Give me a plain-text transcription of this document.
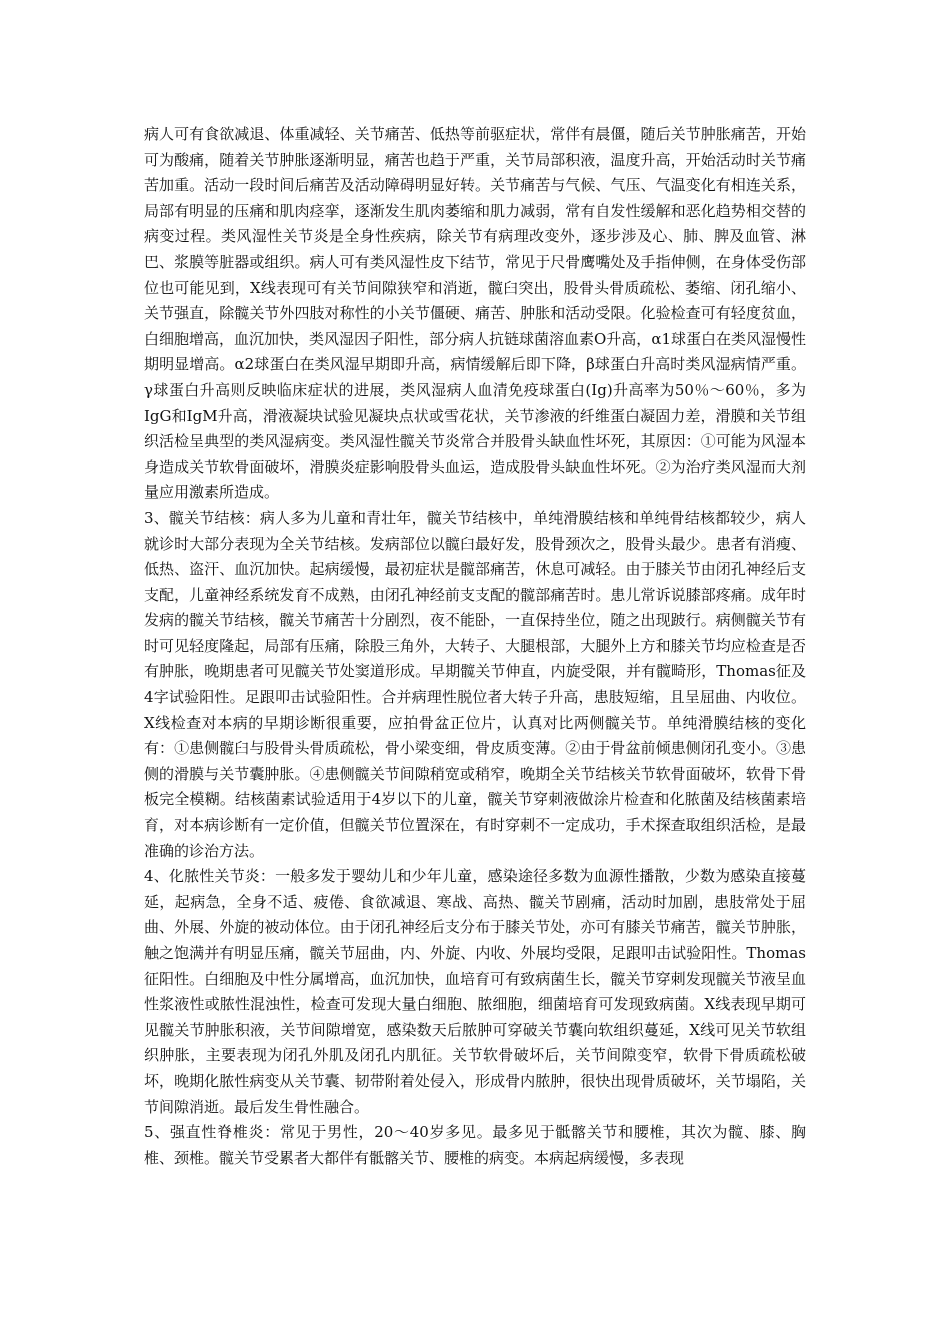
病人可有食欲减退、体重减轻、关节痛苦、低热等前驱症状，常伴有晨僵，随后关节肿胀痛苦，开始可为酸痛，随着关节肿胀逐渐明显，痛苦也趋于严重，关节局部积液，温度升高，开始活动时关节痛苦加重。活动一段时间后痛苦及活动障碍明显好转。关节痛苦与气候、气压、气温变化有相连关系，局部有明显的压痛和肌肉痉挛，逐渐发生肌肉萎缩和肌力减弱，常有自发性缓解和恶化趋势相交替的病变过程。类风湿性关节炎是全身性疾病，除关节有病理改变外，逐步涉及心、肺、脾及血管、淋巴、浆膜等脏器或组织。病人可有类风湿性皮下结节，常见于尺骨鹰嘴处及手指伸侧，在身体受伤部位也可能见到，X线表现可有关节间隙狭窄和消逝，髋臼突出，股骨头骨质疏松、萎缩、闭孔缩小、关节强直，除髋关节外四肢对称性的小关节僵硬、痛苦、肿胀和活动受限。化验检查可有轻度贫血，白细胞增高，血沉加快，类风湿因子阳性，部分病人抗链球菌溶血素O升高，α1球蛋白在类风湿慢性期明显增高。α2球蛋白在类风湿早期即升高，病情缓解后即下降，β球蛋白升高时类风湿病情严重。γ球蛋白升高则反映临床症状的进展，类风湿病人血清免疫球蛋白(Ig)升高率为50％～60％，多为IgG和IgM升高，滑液凝块试验见凝块点状或雪花状，关节渗液的纤维蛋白凝固力差，滑膜和关节组织活检呈典型的类风湿病变。类风湿性髋关节炎常合并股骨头缺血性坏死，其原因：①可能为风湿本身造成关节软骨面破坏，滑膜炎症影响股骨头血运，造成股骨头缺血性坏死。②为治疗类风湿而大剂量应用激素所造成。

3、髋关节结核：病人多为儿童和青壮年，髋关节结核中，单纯滑膜结核和单纯骨结核都较少，病人就诊时大部分表现为全关节结核。发病部位以髋臼最好发，股骨颈次之，股骨头最少。患者有消瘦、低热、盗汗、血沉加快。起病缓慢，最初症状是髋部痛苦，休息可减轻。由于膝关节由闭孔神经后支支配，儿童神经系统发育不成熟，由闭孔神经前支支配的髋部痛苦时。患儿常诉说膝部疼痛。成年时发病的髋关节结核，髋关节痛苦十分剧烈，夜不能卧，一直保持坐位，随之出现跛行。病侧髋关节有时可见轻度隆起，局部有压痛，除股三角外，大转子、大腿根部，大腿外上方和膝关节均应检查是否有肿胀，晚期患者可见髋关节处窦道形成。早期髋关节伸直，内旋受限，并有髋畸形，Thomas征及4字试验阳性。足跟叩击试验阳性。合并病理性脱位者大转子升高，患肢短缩，且呈屈曲、内收位。X线检查对本病的早期诊断很重要，应拍骨盆正位片，认真对比两侧髋关节。单纯滑膜结核的变化有：①患侧髋臼与股骨头骨质疏松，骨小梁变细，骨皮质变薄。②由于骨盆前倾患侧闭孔变小。③患侧的滑膜与关节囊肿胀。④患侧髋关节间隙稍宽或稍窄，晚期全关节结核关节软骨面破坏，软骨下骨板完全模糊。结核菌素试验适用于4岁以下的儿童，髋关节穿刺液做涂片检查和化脓菌及结核菌素培育，对本病诊断有一定价值，但髋关节位置深在，有时穿刺不一定成功，手术探查取组织活检，是最准确的诊治方法。

4、化脓性关节炎：一般多发于婴幼儿和少年儿童，感染途径多数为血源性播散，少数为感染直接蔓延，起病急，全身不适、疲倦、食欲减退、寒战、高热、髋关节剧痛，活动时加剧，患肢常处于屈曲、外展、外旋的被动体位。由于闭孔神经后支分布于膝关节处，亦可有膝关节痛苦，髋关节肿胀，触之饱满并有明显压痛，髋关节屈曲，内、外旋、内收、外展均受限，足跟叩击试验阳性。Thomas征阳性。白细胞及中性分属增高，血沉加快，血培育可有致病菌生长，髋关节穿刺发现髋关节液呈血性浆液性或脓性混浊性，检查可发现大量白细胞、脓细胞，细菌培育可发现致病菌。X线表现早期可见髋关节肿胀积液，关节间隙增宽，感染数天后脓肿可穿破关节囊向软组织蔓延，X线可见关节软组织肿胀，主要表现为闭孔外肌及闭孔内肌征。关节软骨破坏后，关节间隙变窄，软骨下骨质疏松破坏，晚期化脓性病变从关节囊、韧带附着处侵入，形成骨内脓肿，很快出现骨质破坏，关节塌陷，关节间隙消逝。最后发生骨性融合。

5、强直性脊椎炎：常见于男性，20～40岁多见。最多见于骶髂关节和腰椎，其次为髋、膝、胸椎、颈椎。髋关节受累者大都伴有骶髂关节、腰椎的病变。本病起病缓慢，多表现
